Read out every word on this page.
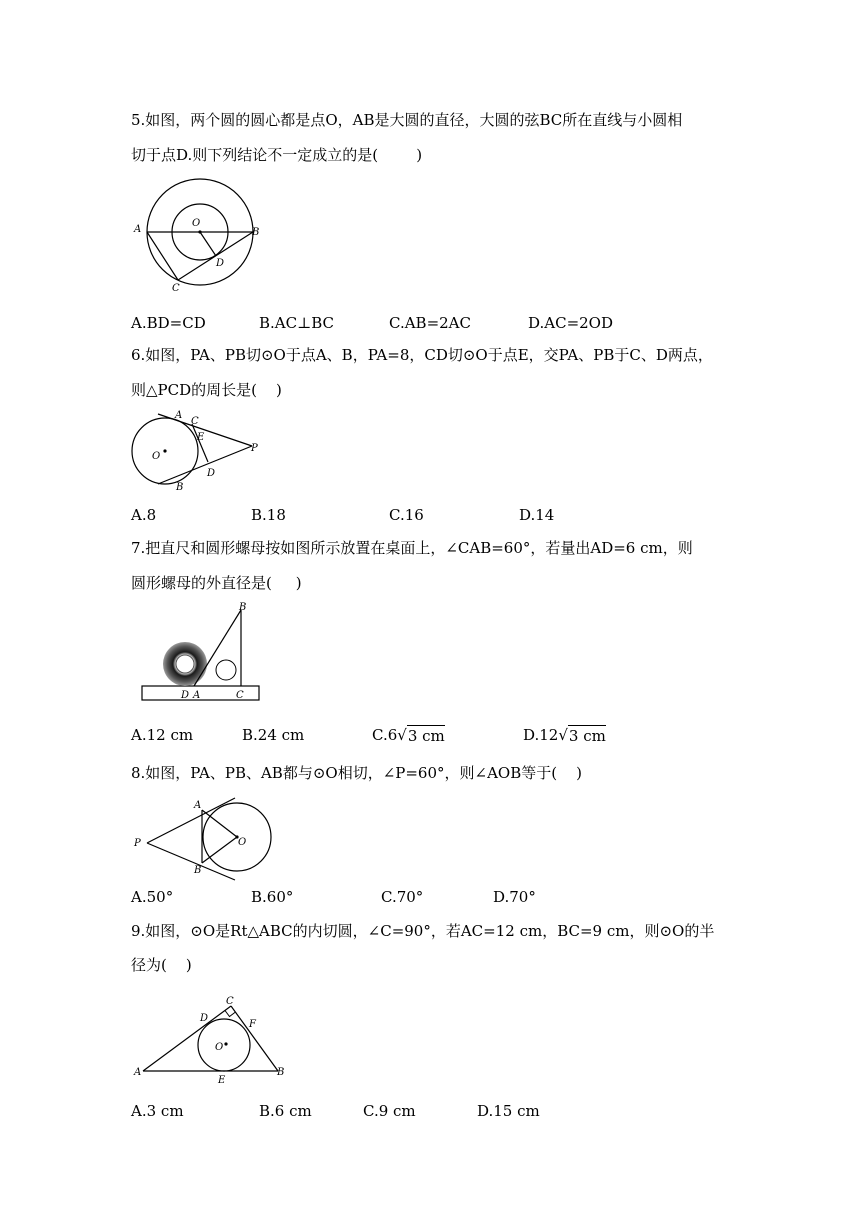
5.如图，两个圆的圆心都是点O，AB是大圆的直径，大圆的弦BC所在直线与小圆相
切于点D.则下列结论不一定成立的是(        )
A	B
C
D
O

A.BD=CD

	B.AC⊥BC

	C.AB=2AC

	D.AC=2OD

6.如图，PA、PB切⊙O于点A、B，PA=8，CD切⊙O于点E，交PA、PB于C、D两点，
则△PCD的周长是(    )
A
C
E
P
O
D
B

A.8

	B.18

	C.16

	D.14

7.把直尺和圆形螺母按如图所示放置在桌面上，∠CAB=60°，若量出AD=6 cm，则
圆形螺母的外直径是(     )
B
D A	C

A.12 cm

	B.24 cm

	C.6√ 3 cm

	D.12√ 3 cm

8.如图，PA、PB、AB都与⊙O相切，∠P=60°，则∠AOB等于(    )
A
P	O
B

A.50°

	B.60°

	C.70°

	D.70°

9.如图，⊙O是Rt△ABC的内切圆，∠C=90°，若AC=12 cm，BC=9 cm，则⊙O的半
径为(    )
C
D
F
O
A	B
E

A.3 cm

	B.6 cm

	C.9 cm

	D.15 cm
